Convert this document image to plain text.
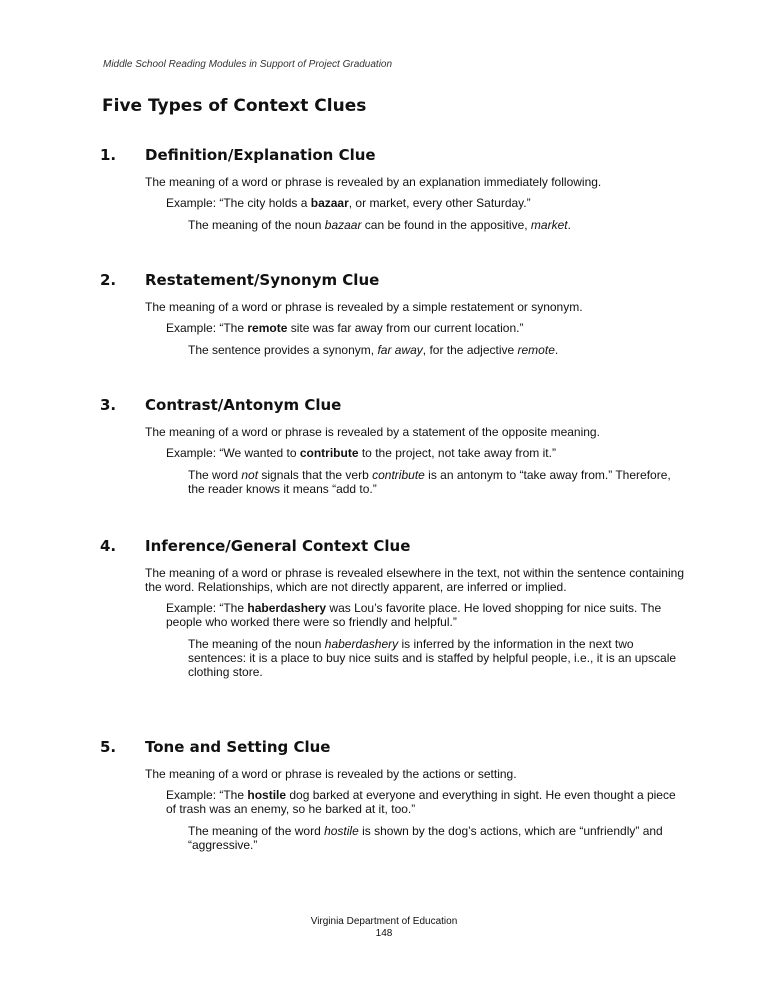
Middle School Reading Modules in Support of Project Graduation
Five Types of Context Clues
1.	Definition/Explanation Clue
The meaning of a word or phrase is revealed by an explanation immediately following.
Example: “The city holds a bazaar, or market, every other Saturday.”
The meaning of the noun bazaar can be found in the appositive, market.
2.	Restatement/Synonym Clue
The meaning of a word or phrase is revealed by a simple restatement or synonym.
Example: “The remote site was far away from our current location.”
The sentence provides a synonym, far away, for the adjective remote.
3.	Contrast/Antonym Clue
The meaning of a word or phrase is revealed by a statement of the opposite meaning.
Example: “We wanted to contribute to the project, not take away from it.”
The word not signals that the verb contribute is an antonym to “take away from.” Therefore, the reader knows it means “add to.”
4.	Inference/General Context Clue
The meaning of a word or phrase is revealed elsewhere in the text, not within the sentence containing the word. Relationships, which are not directly apparent, are inferred or implied.
Example: “The haberdashery was Lou’s favorite place. He loved shopping for nice suits. The people who worked there were so friendly and helpful.”
The meaning of the noun haberdashery is inferred by the information in the next two sentences: it is a place to buy nice suits and is staffed by helpful people, i.e., it is an upscale clothing store.
5.	Tone and Setting Clue
The meaning of a word or phrase is revealed by the actions or setting.
Example: “The hostile dog barked at everyone and everything in sight. He even thought a piece of trash was an enemy, so he barked at it, too.”
The meaning of the word hostile is shown by the dog’s actions, which are “unfriendly” and “aggressive.”
Virginia Department of Education
148
